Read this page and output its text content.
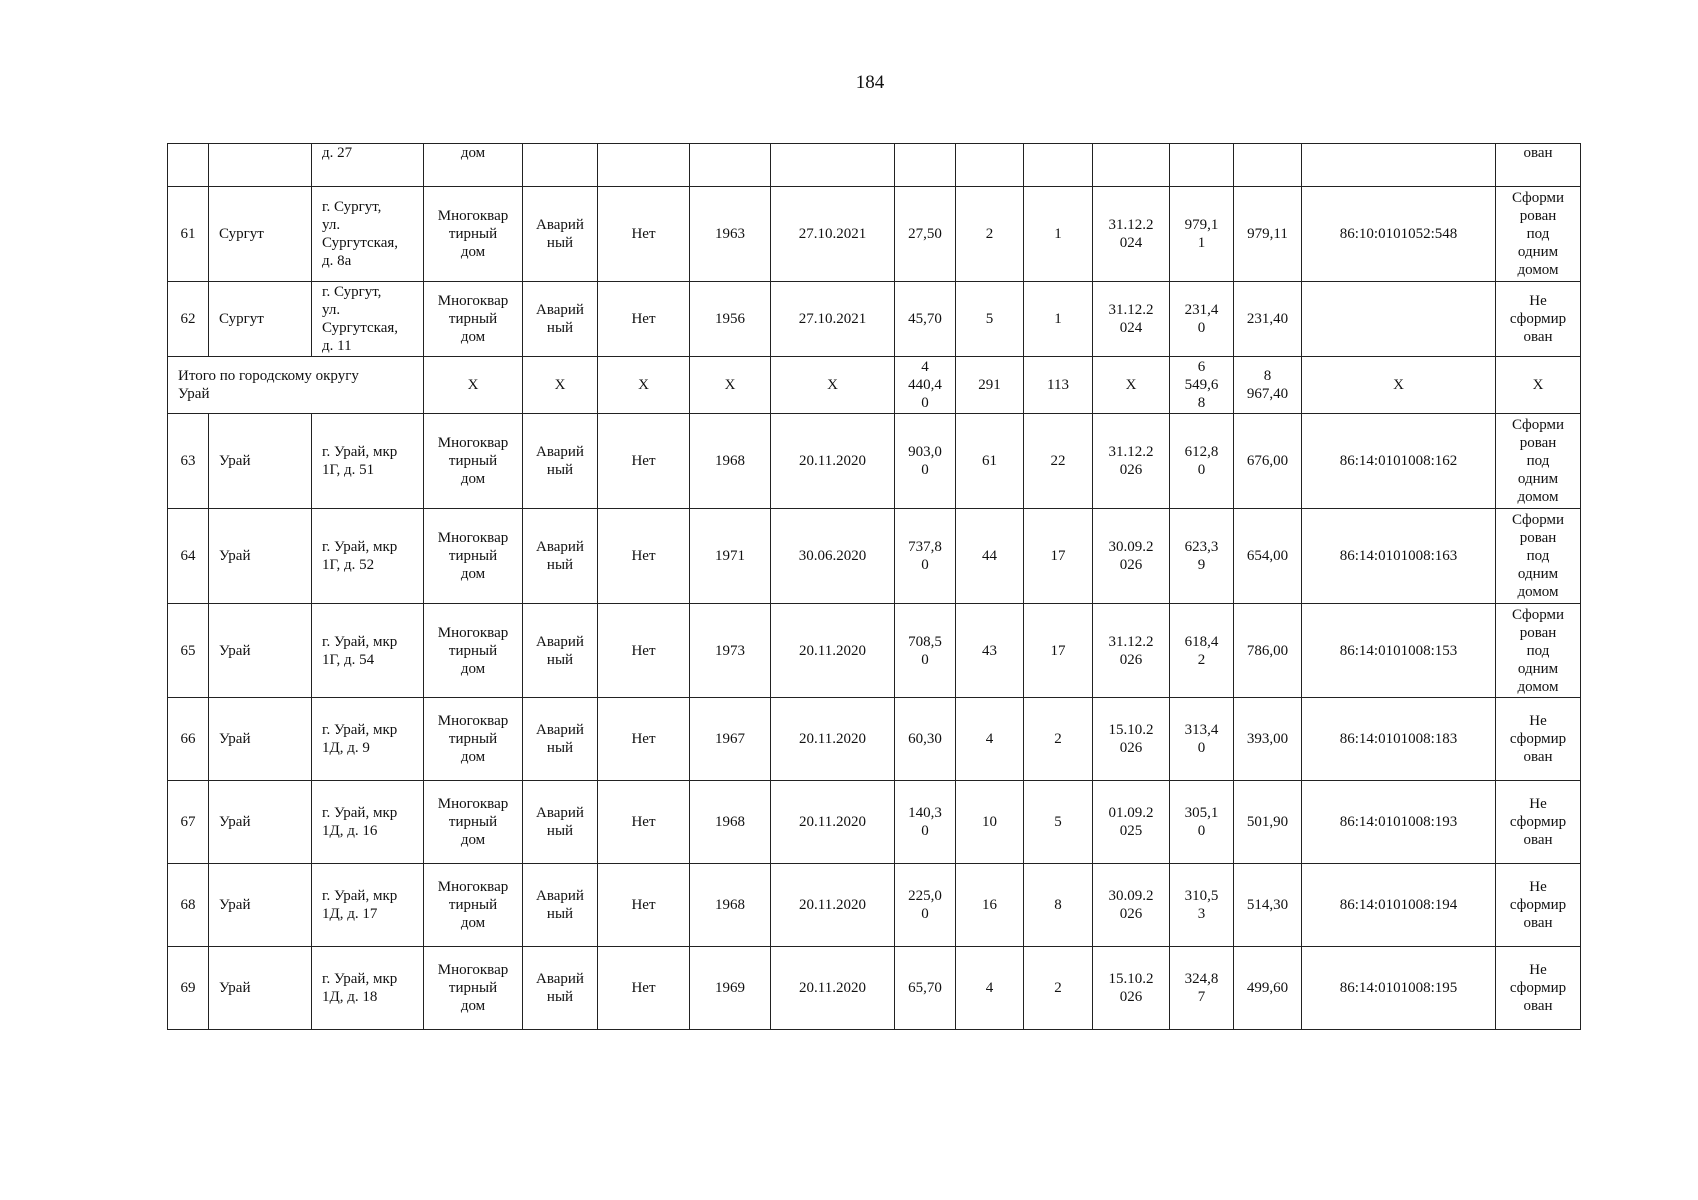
184
		д. 27	дом												ован
61	Сургут	г. Сургут,
ул.
Сургутская,
д. 8а	Многоквар
тирный
дом	Аварий
ный	Нет	1963	27.10.2021	27,50	2	1	31.12.2
024	979,1
1	979,11	86:10:0101052:548	Сформи
рован
под
одним
домом
62	Сургут	г. Сургут,
ул.
Сургутская,
д. 11	Многоквар
тирный
дом	Аварий
ный	Нет	1956	27.10.2021	45,70	5	1	31.12.2
024	231,4
0	231,40		Не
сформир
ован
Итого по городскому округу
Урай			X	X	X	X	X	4
440,4
0	291	113	X	6
549,6
8	8
967,40	X	X
63	Урай	г. Урай, мкр
1Г, д. 51	Многоквар
тирный
дом	Аварий
ный	Нет	1968	20.11.2020	903,0
0	61	22	31.12.2
026	612,8
0	676,00	86:14:0101008:162	Сформи
рован
под
одним
домом
64	Урай	г. Урай, мкр
1Г, д. 52	Многоквар
тирный
дом	Аварий
ный	Нет	1971	30.06.2020	737,8
0	44	17	30.09.2
026	623,3
9	654,00	86:14:0101008:163	Сформи
рован
под
одним
домом
65	Урай	г. Урай, мкр
1Г, д. 54	Многоквар
тирный
дом	Аварий
ный	Нет	1973	20.11.2020	708,5
0	43	17	31.12.2
026	618,4
2	786,00	86:14:0101008:153	Сформи
рован
под
одним
домом
66	Урай	г. Урай, мкр
1Д, д. 9	Многоквар
тирный
дом	Аварий
ный	Нет	1967	20.11.2020	60,30	4	2	15.10.2
026	313,4
0	393,00	86:14:0101008:183	Не
сформир
ован
67	Урай	г. Урай, мкр
1Д, д. 16	Многоквар
тирный
дом	Аварий
ный	Нет	1968	20.11.2020	140,3
0	10	5	01.09.2
025	305,1
0	501,90	86:14:0101008:193	Не
сформир
ован
68	Урай	г. Урай, мкр
1Д, д. 17	Многоквар
тирный
дом	Аварий
ный	Нет	1968	20.11.2020	225,0
0	16	8	30.09.2
026	310,5
3	514,30	86:14:0101008:194	Не
сформир
ован
69	Урай	г. Урай, мкр
1Д, д. 18	Многоквар
тирный
дом	Аварий
ный	Нет	1969	20.11.2020	65,70	4	2	15.10.2
026	324,8
7	499,60	86:14:0101008:195	Не
сформир
ован
